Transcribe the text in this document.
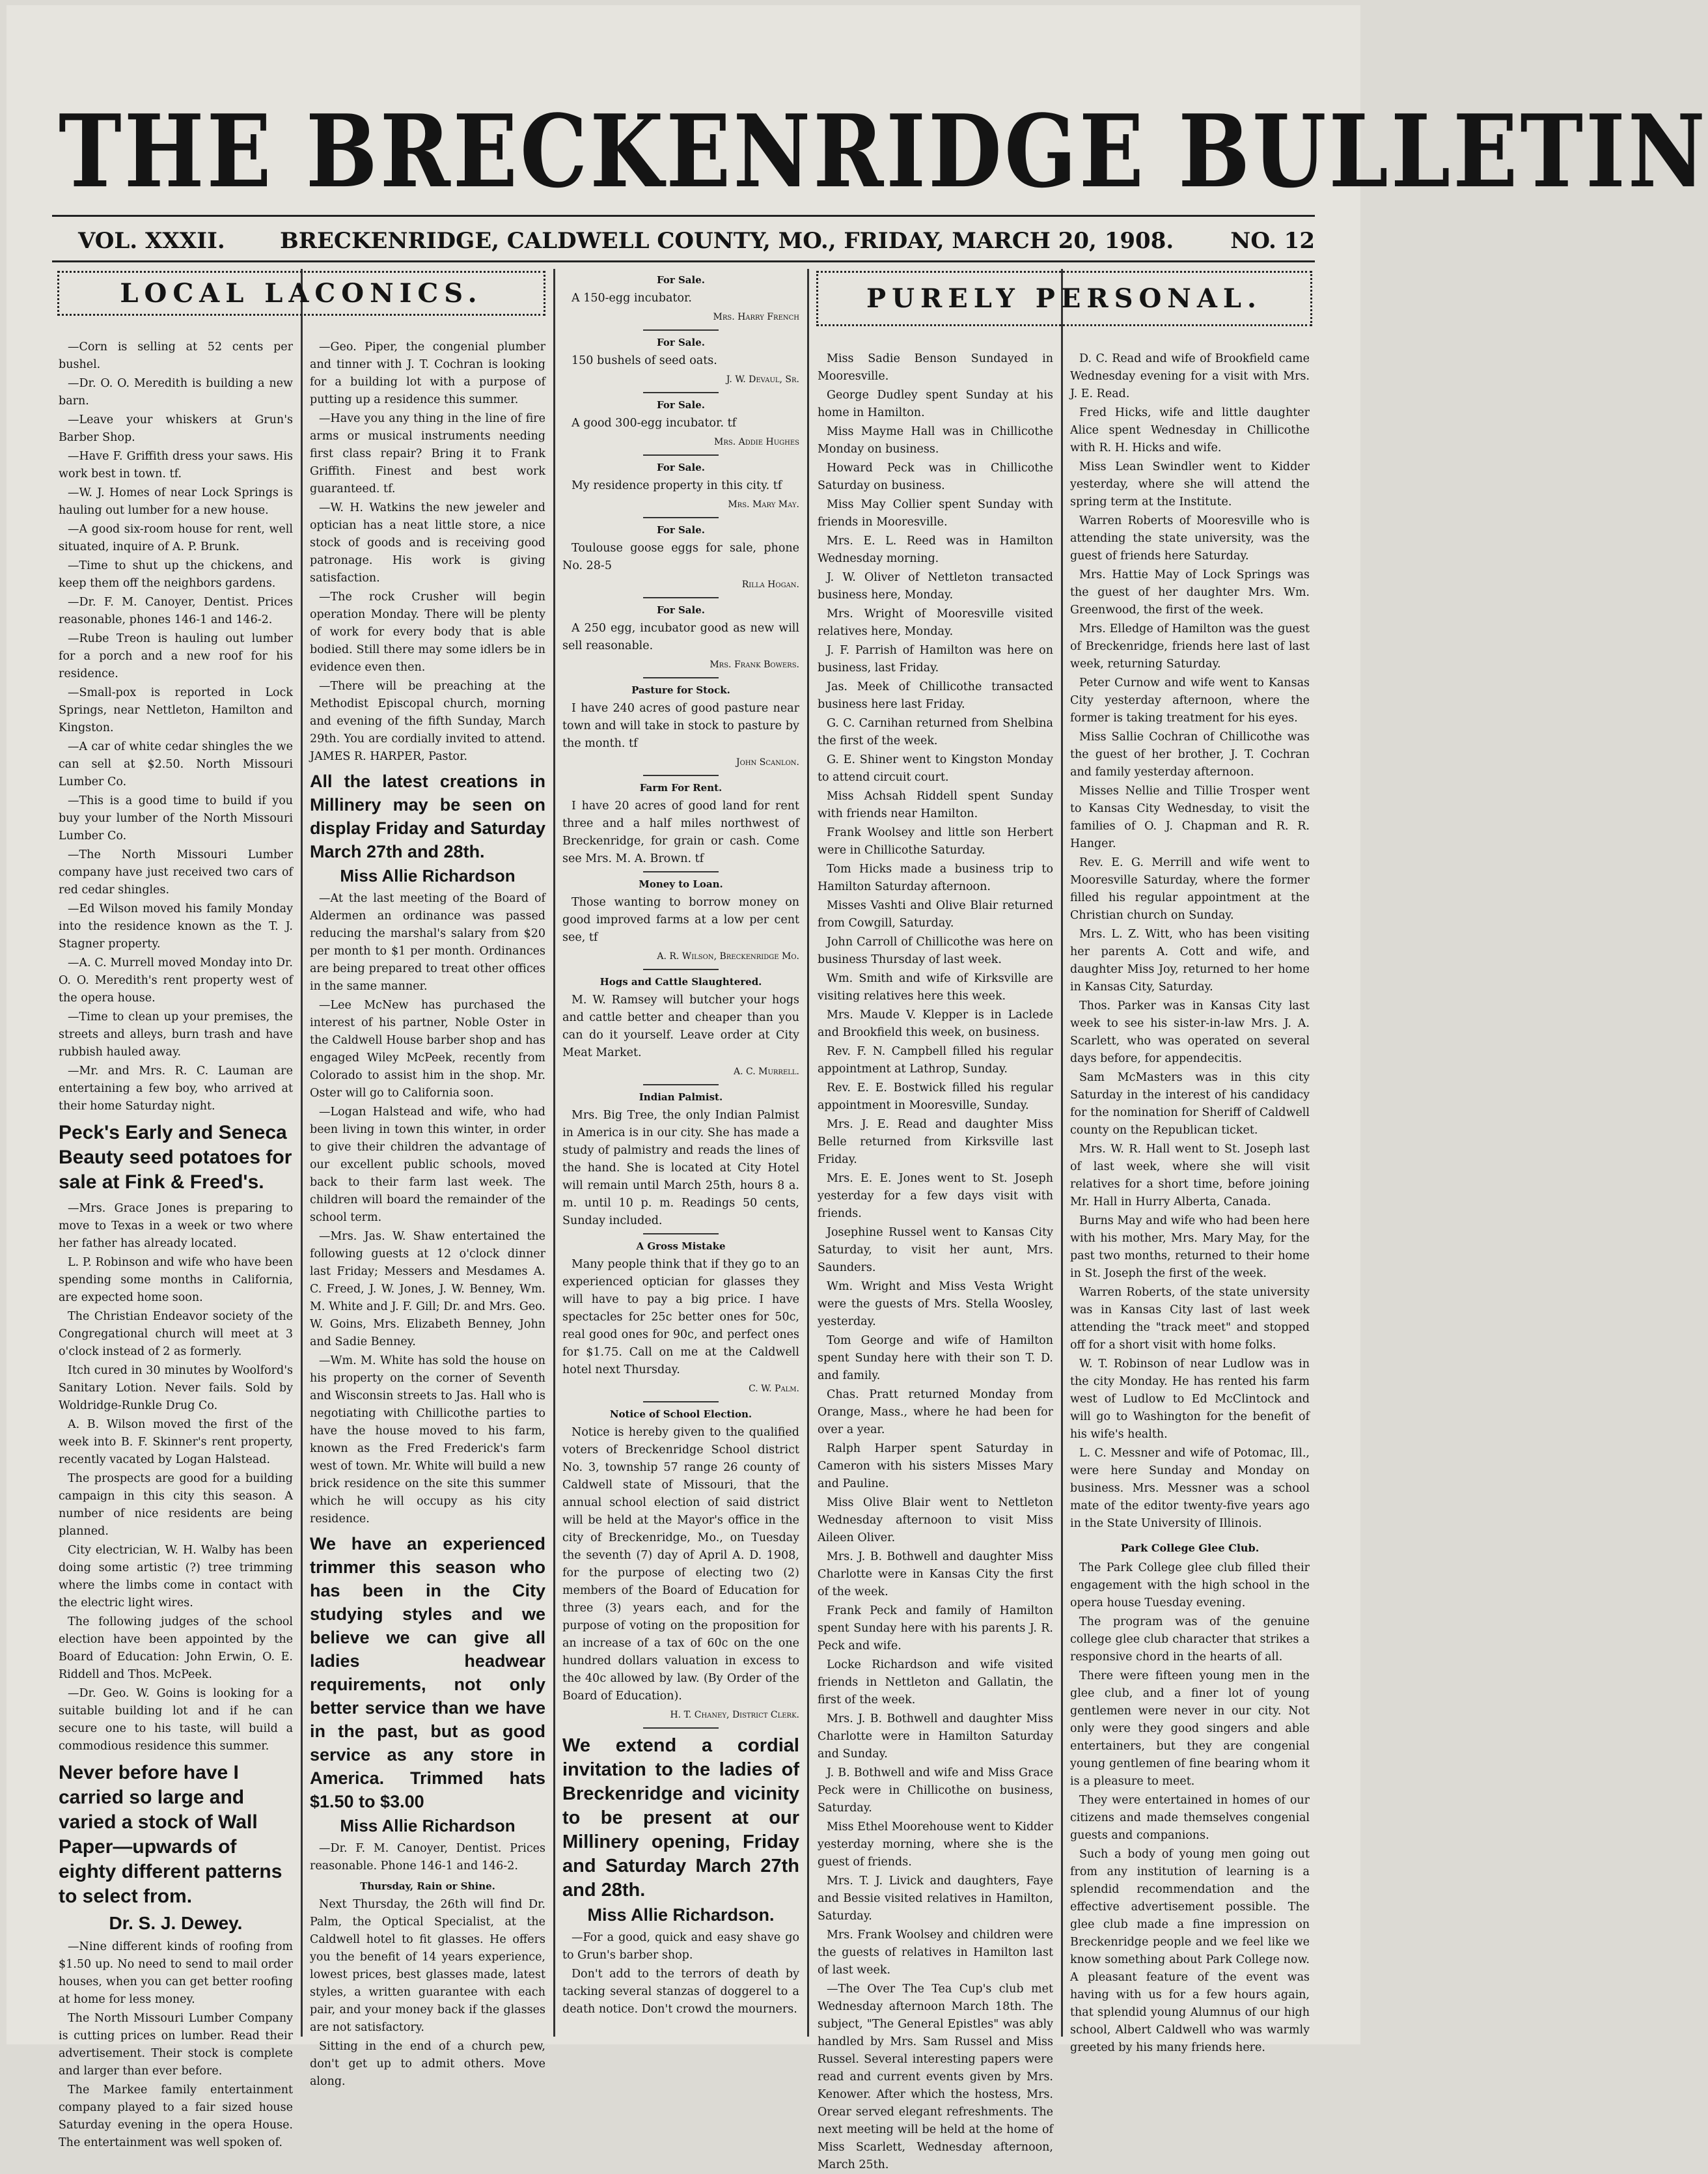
THE BRECKENRIDGE BULLETIN
VOL. XXXII. BRECKENRIDGE, CALDWELL COUNTY, MO., FRIDAY, MARCH 20, 1908.	NO. 12
LOCAL LACONICS.

—Corn is selling at 52 cents per bushel.

—Dr. O. O. Meredith is building a new barn.

—Leave your whiskers at Grun's Barber Shop.

—Have F. Griffith dress your saws. His work best in town. tf.

—W. J. Homes of near Lock Springs is hauling out lumber for a new house.

—A good six-room house for rent, well situated, inquire of A. P. Brunk.

—Time to shut up the chickens, and keep them off the neighbors gardens.

—Dr. F. M. Canoyer, Dentist. Prices reasonable, phones 146-1 and 146-2.

—Rube Treon is hauling out lumber for a porch and a new roof for his residence.

—Small-pox is reported in Lock Springs, near Nettleton, Hamilton and Kingston.

—A car of white cedar shingles the we can sell at $2.50. North Missouri Lumber Co.

—This is a good time to build if you buy your lumber of the North Missouri Lumber Co.

—The North Missouri Lumber company have just received two cars of red cedar shingles.

—Ed Wilson moved his family Monday into the residence known as the T. J. Stagner property.

—A. C. Murrell moved Monday into Dr. O. O. Meredith's rent property west of the opera house.

—Time to clean up your premises, the streets and alleys, burn trash and have rubbish hauled away.

—Mr. and Mrs. R. C. Lauman are entertaining a few boy, who arrived at their home Saturday night.

Peck's Early and Seneca Beauty seed potatoes for sale at Fink & Freed's.

—Mrs. Grace Jones is preparing to move to Texas in a week or two where her father has already located.

L. P. Robinson and wife who have been spending some months in California, are expected home soon.

The Christian Endeavor society of the Congregational church will meet at 3 o'clock instead of 2 as formerly.

Itch cured in 30 minutes by Woolford's Sanitary Lotion. Never fails. Sold by Woldridge-Runkle Drug Co.

A. B. Wilson moved the first of the week into B. F. Skinner's rent property, recently vacated by Logan Halstead.

The prospects are good for a building campaign in this city this season. A number of nice residents are being planned.

City electrician, W. H. Walby has been doing some artistic (?) tree trimming where the limbs come in contact with the electric light wires.

The following judges of the school election have been appointed by the Board of Education: John Erwin, O. E. Riddell and Thos. McPeek.

—Dr. Geo. W. Goins is looking for a suitable building lot and if he can secure one to his taste, will build a commodious residence this summer.

Never before have I carried so large and varied a stock of Wall Paper—upwards of eighty different patterns to select from.
Dr. S. J. Dewey.

—Nine different kinds of roofing from $1.50 up. No need to send to mail order houses, when you can get better roofing at home for less money.

The North Missouri Lumber Company is cutting prices on lumber. Read their advertisement. Their stock is complete and larger than ever before.

The Markee family entertainment company played to a fair sized house Saturday evening in the opera House. The entertainment was well spoken of.

—Geo. Piper, the congenial plumber and tinner with J. T. Cochran is looking for a building lot with a purpose of putting up a residence this summer.

—Have you any thing in the line of fire arms or musical instruments needing first class repair? Bring it to Frank Griffith. Finest and best work guaranteed. tf.

—W. H. Watkins the new jeweler and optician has a neat little store, a nice stock of goods and is receiving good patronage. His work is giving satisfaction.

—The rock Crusher will begin operation Monday. There will be plenty of work for every body that is able bodied. Still there may some idlers be in evidence even then.

—There will be preaching at the Methodist Episcopal church, morning and evening of the fifth Sunday, March 29th. You are cordially invited to attend. JAMES R. HARPER, Pastor.

All the latest creations in Millinery may be seen on display Friday and Saturday March 27th and 28th.
Miss Allie Richardson

—At the last meeting of the Board of Aldermen an ordinance was passed reducing the marshal's salary from $20 per month to $1 per month. Ordinances are being prepared to treat other offices in the same manner.

—Lee McNew has purchased the interest of his partner, Noble Oster in the Caldwell House barber shop and has engaged Wiley McPeek, recently from Colorado to assist him in the shop. Mr. Oster will go to California soon.

—Logan Halstead and wife, who had been living in town this winter, in order to give their children the advantage of our excellent public schools, moved back to their farm last week. The children will board the remainder of the school term.

—Mrs. Jas. W. Shaw entertained the following guests at 12 o'clock dinner last Friday; Messers and Mesdames A. C. Freed, J. W. Jones, J. W. Benney, Wm. M. White and J. F. Gill; Dr. and Mrs. Geo. W. Goins, Mrs. Elizabeth Benney, John and Sadie Benney.

—Wm. M. White has sold the house on his property on the corner of Seventh and Wisconsin streets to Jas. Hall who is negotiating with Chillicothe parties to have the house moved to his farm, known as the Fred Frederick's farm west of town. Mr. White will build a new brick residence on the site this summer which he will occupy as his city residence.

We have an experienced trimmer this season who has been in the City studying styles and we believe we can give all ladies headwear requirements, not only better service than we have in the past, but as good service as any store in America. Trimmed hats $1.50 to $3.00
Miss Allie Richardson

—Dr. F. M. Canoyer, Dentist. Prices reasonable. Phone 146-1 and 146-2.

Thursday, Rain or Shine.

Next Thursday, the 26th will find Dr. Palm, the Optical Specialist, at the Caldwell hotel to fit glasses. He offers you the benefit of 14 years experience, lowest prices, best glasses made, latest styles, a written guarantee with each pair, and your money back if the glasses are not satisfactory.

Sitting in the end of a church pew, don't get up to admit others. Move along.

For Sale.

A 150-egg incubator.

Mrs. Harry French
For Sale.

150 bushels of seed oats.

J. W. Devaul, Sr.
For Sale.

A good 300-egg incubator. tf

Mrs. Addie Hughes
For Sale.

My residence property in this city. tf

Mrs. Mary May.
For Sale.

Toulouse goose eggs for sale, phone No. 28-5

Rilla Hogan.
For Sale.

A 250 egg, incubator good as new will sell reasonable.

Mrs. Frank Bowers.
Pasture for Stock.

I have 240 acres of good pasture near town and will take in stock to pasture by the month. tf

John Scanlon.
Farm For Rent.

I have 20 acres of good land for rent three and a half miles northwest of Breckenridge, for grain or cash. Come see Mrs. M. A. Brown. tf

Money to Loan.

Those wanting to borrow money on good improved farms at a low per cent see, tf

A. R. Wilson, Breckenridge Mo.
Hogs and Cattle Slaughtered.

M. W. Ramsey will butcher your hogs and cattle better and cheaper than you can do it yourself. Leave order at City Meat Market.

A. C. Murrell.
Indian Palmist.

Mrs. Big Tree, the only Indian Palmist in America is in our city. She has made a study of palmistry and reads the lines of the hand. She is located at City Hotel will remain until March 25th, hours 8 a. m. until 10 p. m. Readings 50 cents, Sunday included.

A Gross Mistake

Many people think that if they go to an experienced optician for glasses they will have to pay a big price. I have spectacles for 25c better ones for 50c, real good ones for 90c, and perfect ones for $1.75. Call on me at the Caldwell hotel next Thursday.

C. W. Palm.
Notice of School Election.

Notice is hereby given to the qualified voters of Breckenridge School district No. 3, township 57 range 26 county of Caldwell state of Missouri, that the annual school election of said district will be held at the Mayor's office in the city of Breckenridge, Mo., on Tuesday the seventh (7) day of April A. D. 1908, for the purpose of electing two (2) members of the Board of Education for three (3) years each, and for the purpose of voting on the proposition for an increase of a tax of 60c on the one hundred dollars valuation in excess to the 40c allowed by law. (By Order of the Board of Education).

H. T. Chaney, District Clerk.
We extend a cordial invitation to the ladies of Breckenridge and vicinity to be present at our Millinery opening, Friday and Saturday March 27th and 28th.
Miss Allie Richardson.

—For a good, quick and easy shave go to Grun's barber shop.

Don't add to the terrors of death by tacking several stanzas of doggerel to a death notice. Don't crowd the mourners.

PURELY PERSONAL.

Miss Sadie Benson Sundayed in Mooresville.

George Dudley spent Sunday at his home in Hamilton.

Miss Mayme Hall was in Chillicothe Monday on business.

Howard Peck was in Chillicothe Saturday on business.

Miss May Collier spent Sunday with friends in Mooresville.

Mrs. E. L. Reed was in Hamilton Wednesday morning.

J. W. Oliver of Nettleton transacted business here, Monday.

Mrs. Wright of Mooresville visited relatives here, Monday.

J. F. Parrish of Hamilton was here on business, last Friday.

Jas. Meek of Chillicothe transacted business here last Friday.

G. C. Carnihan returned from Shelbina the first of the week.

G. E. Shiner went to Kingston Monday to attend circuit court.

Miss Achsah Riddell spent Sunday with friends near Hamilton.

Frank Woolsey and little son Herbert were in Chillicothe Saturday.

Tom Hicks made a business trip to Hamilton Saturday afternoon.

Misses Vashti and Olive Blair returned from Cowgill, Saturday.

John Carroll of Chillicothe was here on business Thursday of last week.

Wm. Smith and wife of Kirksville are visiting relatives here this week.

Mrs. Maude V. Klepper is in Laclede and Brookfield this week, on business.

Rev. F. N. Campbell filled his regular appointment at Lathrop, Sunday.

Rev. E. E. Bostwick filled his regular appointment in Mooresville, Sunday.

Mrs. J. E. Read and daughter Miss Belle returned from Kirksville last Friday.

Mrs. E. E. Jones went to St. Joseph yesterday for a few days visit with friends.

Josephine Russel went to Kansas City Saturday, to visit her aunt, Mrs. Saunders.

Wm. Wright and Miss Vesta Wright were the guests of Mrs. Stella Woosley, yesterday.

Tom George and wife of Hamilton spent Sunday here with their son T. D. and family.

Chas. Pratt returned Monday from Orange, Mass., where he had been for over a year.

Ralph Harper spent Saturday in Cameron with his sisters Misses Mary and Pauline.

Miss Olive Blair went to Nettleton Wednesday afternoon to visit Miss Aileen Oliver.

Mrs. J. B. Bothwell and daughter Miss Charlotte were in Kansas City the first of the week.

Frank Peck and family of Hamilton spent Sunday here with his parents J. R. Peck and wife.

Locke Richardson and wife visited friends in Nettleton and Gallatin, the first of the week.

Mrs. J. B. Bothwell and daughter Miss Charlotte were in Hamilton Saturday and Sunday.

J. B. Bothwell and wife and Miss Grace Peck were in Chillicothe on business, Saturday.

Miss Ethel Moorehouse went to Kidder yesterday morning, where she is the guest of friends.

Mrs. T. J. Livick and daughters, Faye and Bessie visited relatives in Hamilton, Saturday.

Mrs. Frank Woolsey and children were the guests of relatives in Hamilton last of last week.

—The Over The Tea Cup's club met Wednesday afternoon March 18th. The subject, "The General Epistles" was ably handled by Mrs. Sam Russel and Miss Russel. Several interesting papers were read and current events given by Mrs. Kenower. After which the hostess, Mrs. Orear served elegant refreshments. The next meeting will be held at the home of Miss Scarlett, Wednesday afternoon, March 25th.

D. C. Read and wife of Brookfield came Wednesday evening for a visit with Mrs. J. E. Read.

Fred Hicks, wife and little daughter Alice spent Wednesday in Chillicothe with R. H. Hicks and wife.

Miss Lean Swindler went to Kidder yesterday, where she will attend the spring term at the Institute.

Warren Roberts of Mooresville who is attending the state university, was the guest of friends here Saturday.

Mrs. Hattie May of Lock Springs was the guest of her daughter Mrs. Wm. Greenwood, the first of the week.

Mrs. Elledge of Hamilton was the guest of Breckenridge, friends here last of last week, returning Saturday.

Peter Curnow and wife went to Kansas City yesterday afternoon, where the former is taking treatment for his eyes.

Miss Sallie Cochran of Chillicothe was the guest of her brother, J. T. Cochran and family yesterday afternoon.

Misses Nellie and Tillie Trosper went to Kansas City Wednesday, to visit the families of O. J. Chapman and R. R. Hanger.

Rev. E. G. Merrill and wife went to Mooresville Saturday, where the former filled his regular appointment at the Christian church on Sunday.

Mrs. L. Z. Witt, who has been visiting her parents A. Cott and wife, and daughter Miss Joy, returned to her home in Kansas City, Saturday.

Thos. Parker was in Kansas City last week to see his sister-in-law Mrs. J. A. Scarlett, who was operated on several days before, for appendecitis.

Sam McMasters was in this city Saturday in the interest of his candidacy for the nomination for Sheriff of Caldwell county on the Republican ticket.

Mrs. W. R. Hall went to St. Joseph last of last week, where she will visit relatives for a short time, before joining Mr. Hall in Hurry Alberta, Canada.

Burns May and wife who had been here with his mother, Mrs. Mary May, for the past two months, returned to their home in St. Joseph the first of the week.

Warren Roberts, of the state university was in Kansas City last of last week attending the "track meet" and stopped off for a short visit with home folks.

W. T. Robinson of near Ludlow was in the city Monday. He has rented his farm west of Ludlow to Ed McClintock and will go to Washington for the benefit of his wife's health.

L. C. Messner and wife of Potomac, Ill., were here Sunday and Monday on business. Mrs. Messner was a school mate of the editor twenty-five years ago in the State University of Illinois.

Park College Glee Club.

The Park College glee club filled their engagement with the high school in the opera house Tuesday evening.

The program was of the genuine college glee club character that strikes a responsive chord in the hearts of all.

There were fifteen young men in the glee club, and a finer lot of young gentlemen were never in our city. Not only were they good singers and able entertainers, but they are congenial young gentlemen of fine bearing whom it is a pleasure to meet.

They were entertained in homes of our citizens and made themselves congenial guests and companions.

Such a body of young men going out from any institution of learning is a splendid recommendation and the effective advertisement possible. The glee club made a fine impression on Breckenridge people and we feel like we know something about Park College now. A pleasant feature of the event was having with us for a few hours again, that splendid young Alumnus of our high school, Albert Caldwell who was warmly greeted by his many friends here.
